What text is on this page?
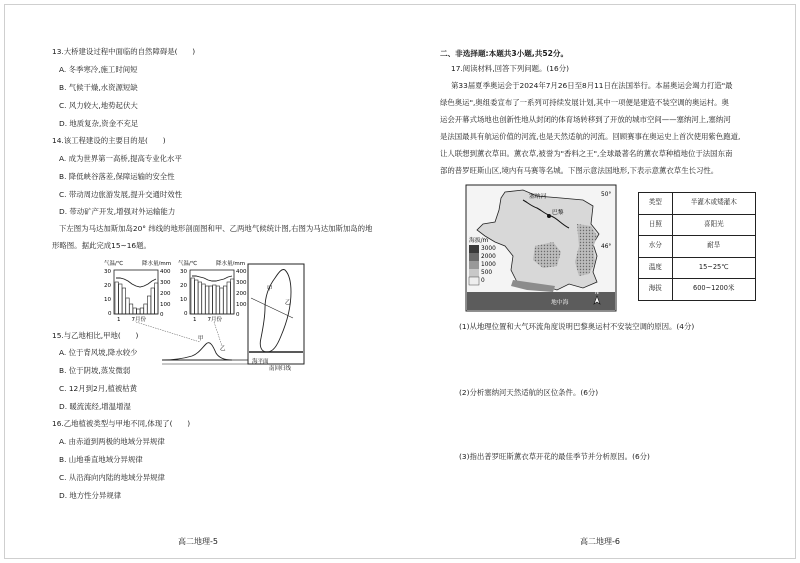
13.大桥建设过程中面临的自然障碍是(　　)
A. 冬季寒冷,施工时间短
B. 气候干燥,水资源短缺
C. 风力较大,地势起伏大
D. 地质复杂,资金不充足
14.该工程建设的主要目的是(　　)
A. 成为世界第一高桥,提高专业化水平
B. 降低峡谷落差,保障运输的安全性
C. 带动周边旅游发展,提升交通时效性
D. 带动矿产开发,增强对外运输能力
下左图为马达加斯加岛20° 纬线的地形剖面图和甲、乙两地气候统计图,右图为马达加斯加岛的地
形略图。据此完成15~16题。
气温/℃	降水量/mm
30
20
10
0
400
300
200
100
0
1　　7月份
气温/℃	降水量/mm
30
20
10
0
400
300
200
100
0
1　　7月份
甲
乙
海平面
甲
乙
南回归线
15.与乙地相比,甲地(　　)
A. 位于背风坡,降水较少
B. 位于阴坡,蒸发微弱
C. 12月到2月,植被枯黄
D. 暖流流经,增温增湿
16.乙地植被类型与甲地不同,体现了(　　)
A. 由赤道到两极的地域分异规律
B. 山地垂直地域分异规律
C. 从沿海向内陆的地域分异规律
D. 地方性分异规律
高二地理-5
二、非选择题:本题共3小题,共52分。
17.阅读材料,回答下列问题。(16分)
第33届夏季奥运会于2024年7月26日至8月11日在法国举行。本届奥运会竭力打造"最
绿色奥运",奥组委宣布了一系列可持续发展计划,其中一项便是建造不装空调的奥运村。奥
运会开幕式场地也创新性地从封闭的体育场转移到了开放的城市空间——塞纳河上,塞纳河
是法国最具有航运价值的河流,也是天然适航的河流。回顾赛事在奥运史上首次使用紫色跑道,
让人联想到薰衣草田。薰衣草,被誉为"香料之王",全球最著名的薰衣草种植地位于法国东南
部的普罗旺斯山区,境内有马赛等名城。下图示意法国地形,下表示意薰衣草生长习性。
巴黎
塞纳河	50°
46°
地中海
N
海拔/m
3000
2000
1000
500
0
类型	半灌木或矮灌木
日照	喜阳光
水分	耐旱
温度	15~25℃
海拔	600~1200米
(1)从地理位置和大气环流角度说明巴黎奥运村不安装空调的原因。(4分)
(2)分析塞纳河天然适航的区位条件。(6分)
(3)指出普罗旺斯薰衣草开花的最佳季节并分析原因。(6分)
高二地理-6
